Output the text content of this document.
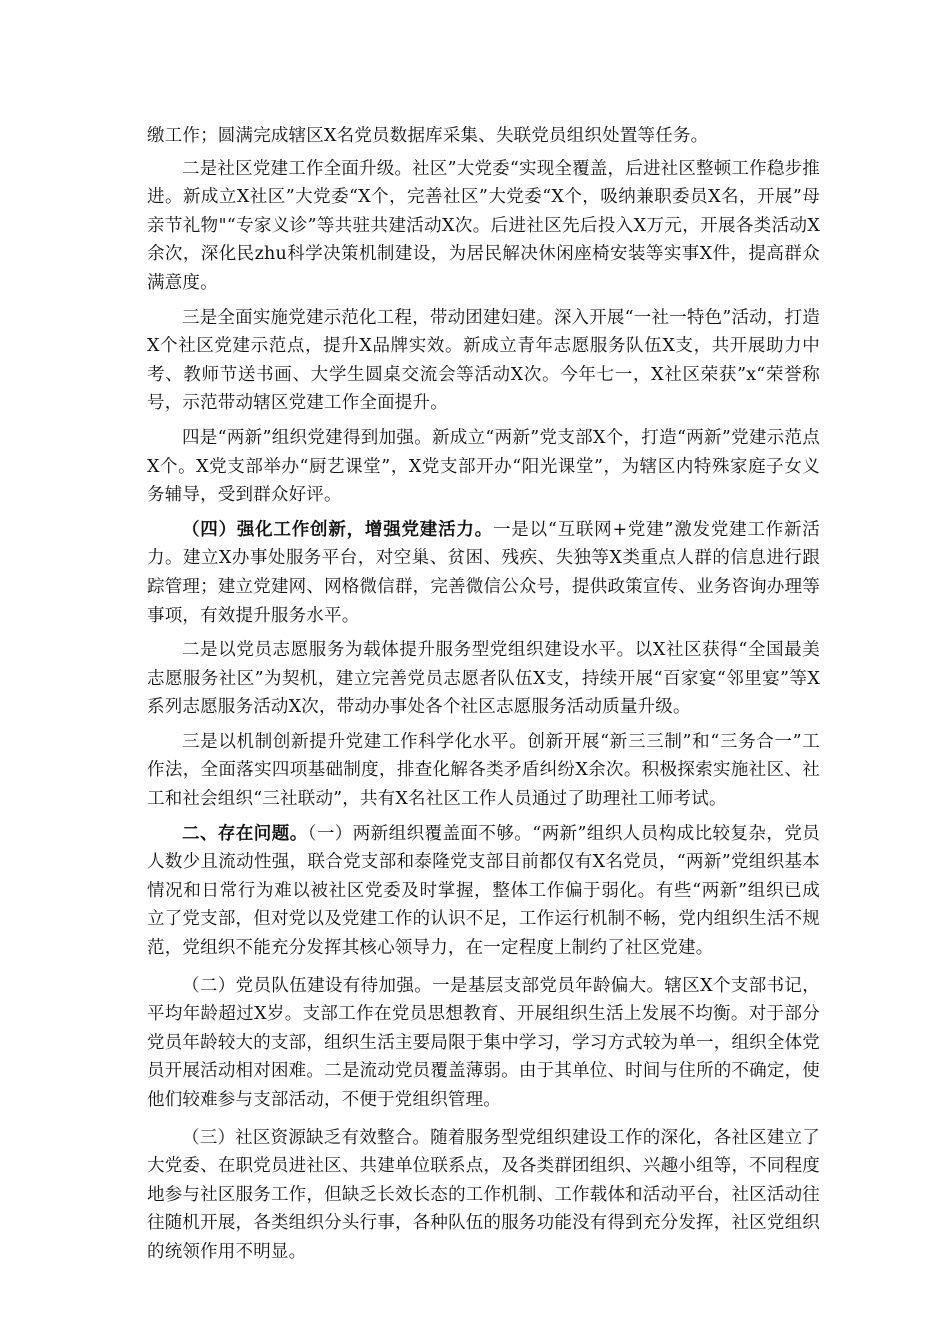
缴工作；圆满完成辖区X名党员数据库采集、失联党员组织处置等任务。

二是社区党建工作全面升级。社区”大党委“实现全覆盖，后进社区整顿工作稳步推进。新成立X社区”大党委“X个，完善社区”大党委“X个，吸纳兼职委员X名，开展”母亲节礼物"“专家义诊”等共驻共建活动X次。后进社区先后投入X万元，开展各类活动X余次，深化民zhu科学决策机制建设，为居民解决休闲座椅安装等实事X件，提高群众满意度。

三是全面实施党建示范化工程，带动团建妇建。深入开展“一社一特色”活动，打造X个社区党建示范点，提升X品牌实效。新成立青年志愿服务队伍X支，共开展助力中考、教师节送书画、大学生圆桌交流会等活动X次。今年七一，X社区荣获”x“荣誉称号，示范带动辖区党建工作全面提升。

四是“两新”组织党建得到加强。新成立“两新”党支部X个，打造“两新”党建示范点X个。X党支部举办“厨艺课堂”，X党支部开办“阳光课堂”，为辖区内特殊家庭子女义务辅导，受到群众好评。

（四）强化工作创新，增强党建活力。一是以“互联网+党建”激发党建工作新活力。建立X办事处服务平台，对空巢、贫困、残疾、失独等X类重点人群的信息进行跟踪管理；建立党建网、网格微信群，完善微信公众号，提供政策宣传、业务咨询办理等事项，有效提升服务水平。

二是以党员志愿服务为载体提升服务型党组织建设水平。以X社区获得“全国最美志愿服务社区”为契机，建立完善党员志愿者队伍X支，持续开展“百家宴“邻里宴”等X系列志愿服务活动X次，带动办事处各个社区志愿服务活动质量升级。

三是以机制创新提升党建工作科学化水平。创新开展“新三三制”和“三务合一”工作法，全面落实四项基础制度，排查化解各类矛盾纠纷X余次。积极探索实施社区、社工和社会组织“三社联动”，共有X名社区工作人员通过了助理社工师考试。

二、存在问题。（一）两新组织覆盖面不够。“两新”组织人员构成比较复杂，党员人数少且流动性强，联合党支部和泰隆党支部目前都仅有X名党员，“两新”党组织基本情况和日常行为难以被社区党委及时掌握，整体工作偏于弱化。有些“两新”组织已成立了党支部，但对党以及党建工作的认识不足，工作运行机制不畅，党内组织生活不规范，党组织不能充分发挥其核心领导力，在一定程度上制约了社区党建。

（二）党员队伍建设有待加强。一是基层支部党员年龄偏大。辖区X个支部书记，平均年龄超过X岁。支部工作在党员思想教育、开展组织生活上发展不均衡。对于部分党员年龄较大的支部，组织生活主要局限于集中学习，学习方式较为单一，组织全体党员开展活动相对困难。二是流动党员覆盖薄弱。由于其单位、时间与住所的不确定，使他们较难参与支部活动，不便于党组织管理。

（三）社区资源缺乏有效整合。随着服务型党组织建设工作的深化，各社区建立了大党委、在职党员进社区、共建单位联系点，及各类群团组织、兴趣小组等，不同程度地参与社区服务工作，但缺乏长效长态的工作机制、工作载体和活动平台，社区活动往往随机开展，各类组织分头行事，各种队伍的服务功能没有得到充分发挥，社区党组织的统领作用不明显。
